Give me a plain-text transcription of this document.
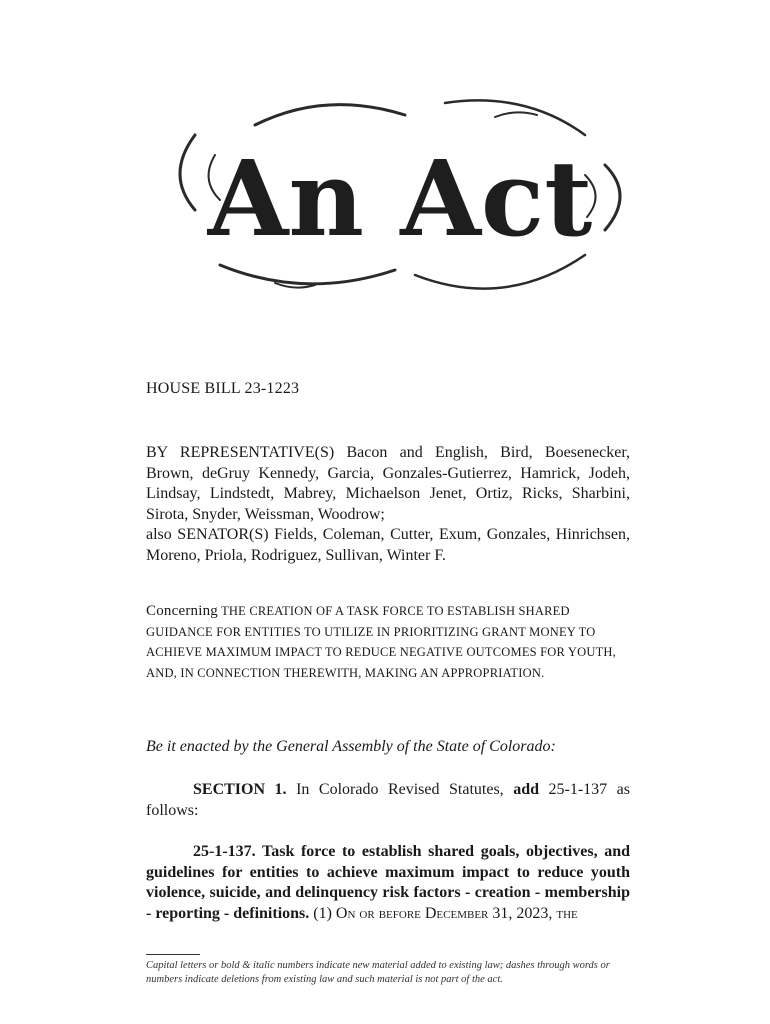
An Act
HOUSE BILL 23-1223

BY REPRESENTATIVE(S) Bacon and English, Bird, Boesenecker, Brown, deGruy Kennedy, Garcia, Gonzales-Gutierrez, Hamrick, Jodeh, Lindsay, Lindstedt, Mabrey, Michaelson Jenet, Ortiz, Ricks, Sharbini, Sirota, Snyder, Weissman, Woodrow;

also SENATOR(S) Fields, Coleman, Cutter, Exum, Gonzales, Hinrichsen, Moreno, Priola, Rodriguez, Sullivan, Winter F.

Concerning THE CREATION OF A TASK FORCE TO ESTABLISH SHARED GUIDANCE FOR ENTITIES TO UTILIZE IN PRIORITIZING GRANT MONEY TO ACHIEVE MAXIMUM IMPACT TO REDUCE NEGATIVE OUTCOMES FOR YOUTH, AND, IN CONNECTION THEREWITH, MAKING AN APPROPRIATION.
Be it enacted by the General Assembly of the State of Colorado:

SECTION 1. In Colorado Revised Statutes, add 25-1-137 as follows:

25-1-137. Task force to establish shared goals, objectives, and guidelines for entities to achieve maximum impact to reduce youth violence, suicide, and delinquency risk factors - creation - membership - reporting - definitions. (1) On or before December 31, 2023, the

Capital letters or bold & italic numbers indicate new material added to existing law; dashes through words or numbers indicate deletions from existing law and such material is not part of the act.
